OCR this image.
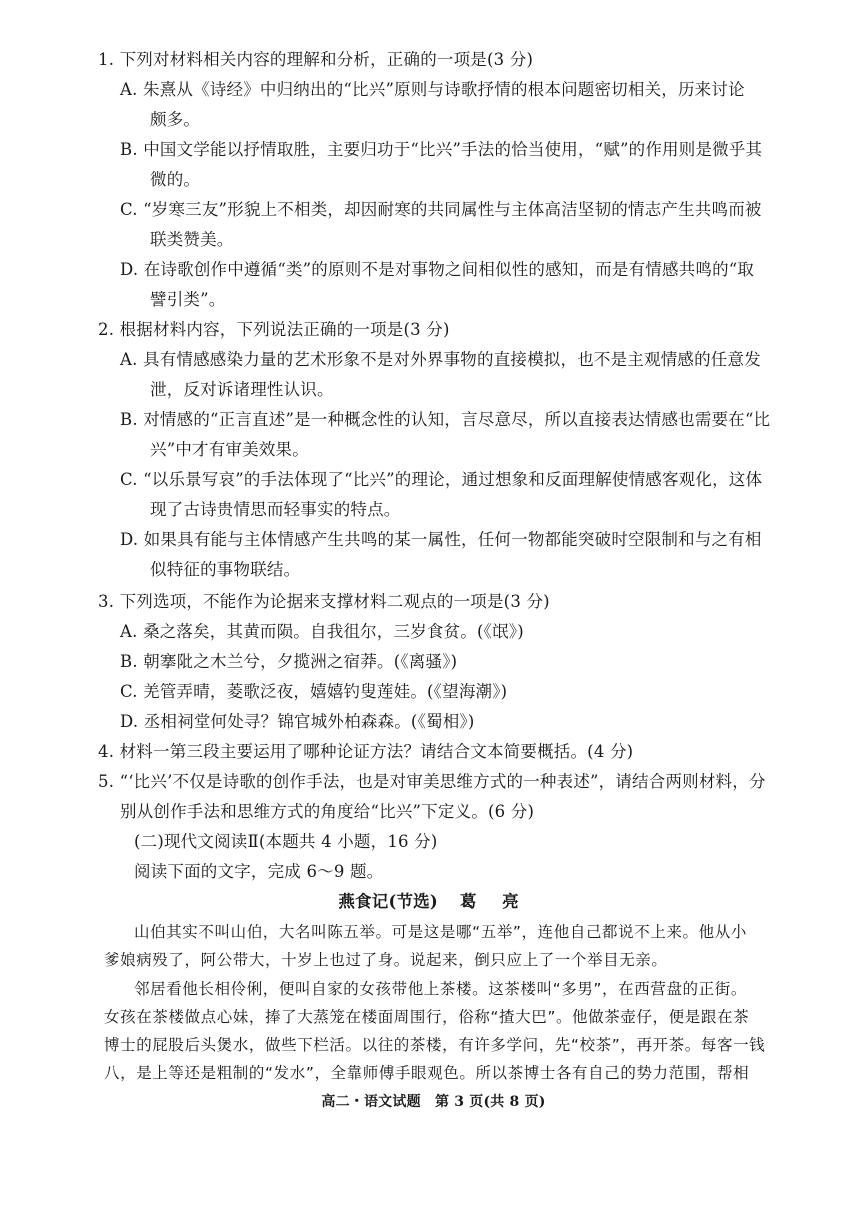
1. 下列对材料相关内容的理解和分析，正确的一项是(3 分)
A. 朱熹从《诗经》中归纳出的“比兴”原则与诗歌抒情的根本问题密切相关，历来讨论
颇多。
B. 中国文学能以抒情取胜，主要归功于“比兴”手法的恰当使用，“赋”的作用则是微乎其
微的。
C. “岁寒三友”形貌上不相类，却因耐寒的共同属性与主体高洁坚韧的情志产生共鸣而被
联类赞美。
D. 在诗歌创作中遵循“类”的原则不是对事物之间相似性的感知，而是有情感共鸣的“取
譬引类”。
2. 根据材料内容，下列说法正确的一项是(3 分)
A. 具有情感感染力量的艺术形象不是对外界事物的直接模拟，也不是主观情感的任意发
泄，反对诉诸理性认识。
B. 对情感的“正言直述”是一种概念性的认知，言尽意尽，所以直接表达情感也需要在“比
兴”中才有审美效果。
C. “以乐景写哀”的手法体现了“比兴”的理论，通过想象和反面理解使情感客观化，这体
现了古诗贵情思而轻事实的特点。
D. 如果具有能与主体情感产生共鸣的某一属性，任何一物都能突破时空限制和与之有相
似特征的事物联结。
3. 下列选项，不能作为论据来支撑材料二观点的一项是(3 分)
A. 桑之落矣，其黄而陨。自我徂尔，三岁食贫。(《氓》)
B. 朝搴阰之木兰兮，夕揽洲之宿莽。(《离骚》)
C. 羌管弄晴，菱歌泛夜，嬉嬉钓叟莲娃。(《望海潮》)
D. 丞相祠堂何处寻？锦官城外柏森森。(《蜀相》)
4. 材料一第三段主要运用了哪种论证方法？请结合文本简要概括。(4 分)
5. “‘比兴’不仅是诗歌的创作手法，也是对审美思维方式的一种表述”，请结合两则材料，分
别从创作手法和思维方式的角度给“比兴”下定义。(6 分)
(二)现代文阅读Ⅱ(本题共 4 小题，16 分)
阅读下面的文字，完成 6～9 题。
燕食记(节选) 葛 亮
山伯其实不叫山伯，大名叫陈五举。可是这是哪“五举”，连他自己都说不上来。他从小
爹娘病殁了，阿公带大，十岁上也过了身。说起来，倒只应上了一个举目无亲。
邻居看他长相伶俐，便叫自家的女孩带他上茶楼。这茶楼叫“多男”，在西营盘的正街。
女孩在茶楼做点心妹，捧了大蒸笼在楼面周围行，俗称“揸大巴”。他做茶壶仔，便是跟在茶
博士的屁股后头煲水，做些下栏活。以往的茶楼，有许多学问，先“校茶”，再开茶。每客一钱
八，是上等还是粗制的“发水”，全靠师傅手眼观色。所以茶博士各有自己的势力范围，帮相
高二・语文试题　第 3 页(共 8 页)
